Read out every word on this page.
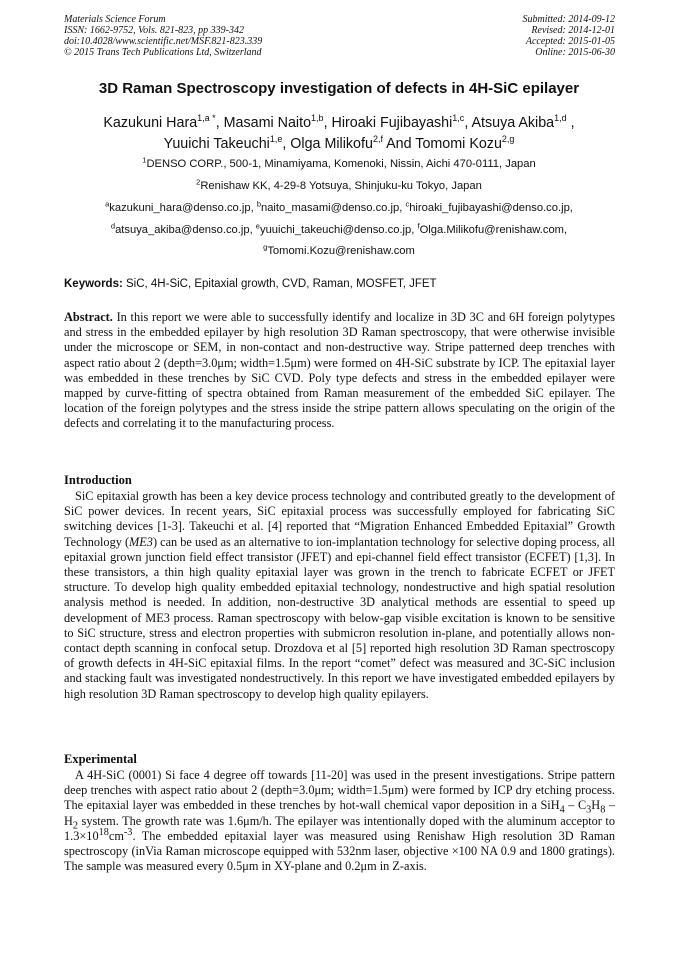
Materials Science Forum
ISSN: 1662-9752, Vols. 821-823, pp 339-342
doi:10.4028/www.scientific.net/MSF.821-823.339
© 2015 Trans Tech Publications Ltd, Switzerland
Submitted: 2014-09-12
Revised: 2014-12-01
Accepted: 2015-01-05
Online: 2015-06-30
3D Raman Spectroscopy investigation of defects in 4H-SiC epilayer
Kazukuni Hara$^{1,a *}$, Masami Naito$^{1,b}$, Hiroaki Fujibayashi$^{1,c}$, Atsuya Akiba$^{1,d}$ ,
Yuuichi Takeuchi$^{1,e}$, Olga Milikofu$^{2,f}$ And Tomomi Kozu$^{2,g}$
$^1$DENSO CORP., 500-1, Minamiyama, Komenoki, Nissin, Aichi 470-0111, Japan
$^2$Renishaw KK, 4-29-8 Yotsuya, Shinjuku-ku Tokyo, Japan
$^a$kazukuni_hara@denso.co.jp, $^b$naito_masami@denso.co.jp, $^c$hiroaki_fujibayashi@denso.co.jp,
$^d$atsuya_akiba@denso.co.jp, $^e$yuuichi_takeuchi@denso.co.jp, $^f$Olga.Milikofu@renishaw.com,
$^g$Tomomi.Kozu@renishaw.com
Keywords: SiC, 4H-SiC, Epitaxial growth, CVD, Raman, MOSFET, JFET

Abstract. In this report we were able to successfully identify and localize in 3D 3C and 6H foreign polytypes and stress in the embedded epilayer by high resolution 3D Raman spectroscopy, that were otherwise invisible under the microscope or SEM, in non-contact and non-destructive way. Stripe patterned deep trenches with aspect ratio about 2 (depth=3.0μm; width=1.5μm) were formed on 4H-SiC substrate by ICP. The epitaxial layer was embedded in these trenches by SiC CVD. Poly type defects and stress in the embedded epilayer were mapped by curve-fitting of spectra obtained from Raman measurement of the embedded SiC epilayer. The location of the foreign polytypes and the stress inside the stripe pattern allows speculating on the origin of the defects and correlating it to the manufacturing process.

Introduction

SiC epitaxial growth has been a key device process technology and contributed greatly to the development of SiC power devices. In recent years, SiC epitaxial process was successfully employed for fabricating SiC switching devices [1-3]. Takeuchi et al. [4] reported that “Migration Enhanced Embedded Epitaxial” Growth Technology (ME3) can be used as an alternative to ion-implantation technology for selective doping process, all epitaxial grown junction field effect transistor (JFET) and epi-channel field effect transistor (ECFET) [1,3]. In these transistors, a thin high quality epitaxial layer was grown in the trench to fabricate ECFET or JFET structure. To develop high quality embedded epitaxial technology, nondestructive and high spatial resolution analysis method is needed. In addition, non-destructive 3D analytical methods are essential to speed up development of ME3 process. Raman spectroscopy with below-gap visible excitation is known to be sensitive to SiC structure, stress and electron properties with submicron resolution in-plane, and potentially allows non-contact depth scanning in confocal setup. Drozdova et al [5] reported high resolution 3D Raman spectroscopy of growth defects in 4H-SiC epitaxial films. In the report “comet” defect was measured and 3C-SiC inclusion and stacking fault was investigated nondestructively. In this report we have investigated embedded epilayers by high resolution 3D Raman spectroscopy to develop high quality epilayers.

Experimental

A 4H-SiC (0001) Si face 4 degree off towards [11-20] was used in the present investigations. Stripe pattern deep trenches with aspect ratio about 2 (depth=3.0μm; width=1.5μm) were formed by ICP dry etching process. The epitaxial layer was embedded in these trenches by hot-wall chemical vapor deposition in a $SiH_4 - C_3H_8 - H_2$ system. The growth rate was 1.6μm/h. The epilayer was intentionally doped with the aluminum acceptor to $1.3\times 10^{18}cm^{-3}$. The embedded epitaxial layer was measured using Renishaw High resolution 3D Raman spectroscopy (inVia Raman microscope equipped with 532nm laser, objective ×100 NA 0.9 and 1800 gratings). The sample was measured every 0.5μm in XY-plane and 0.2μm in Z-axis.
